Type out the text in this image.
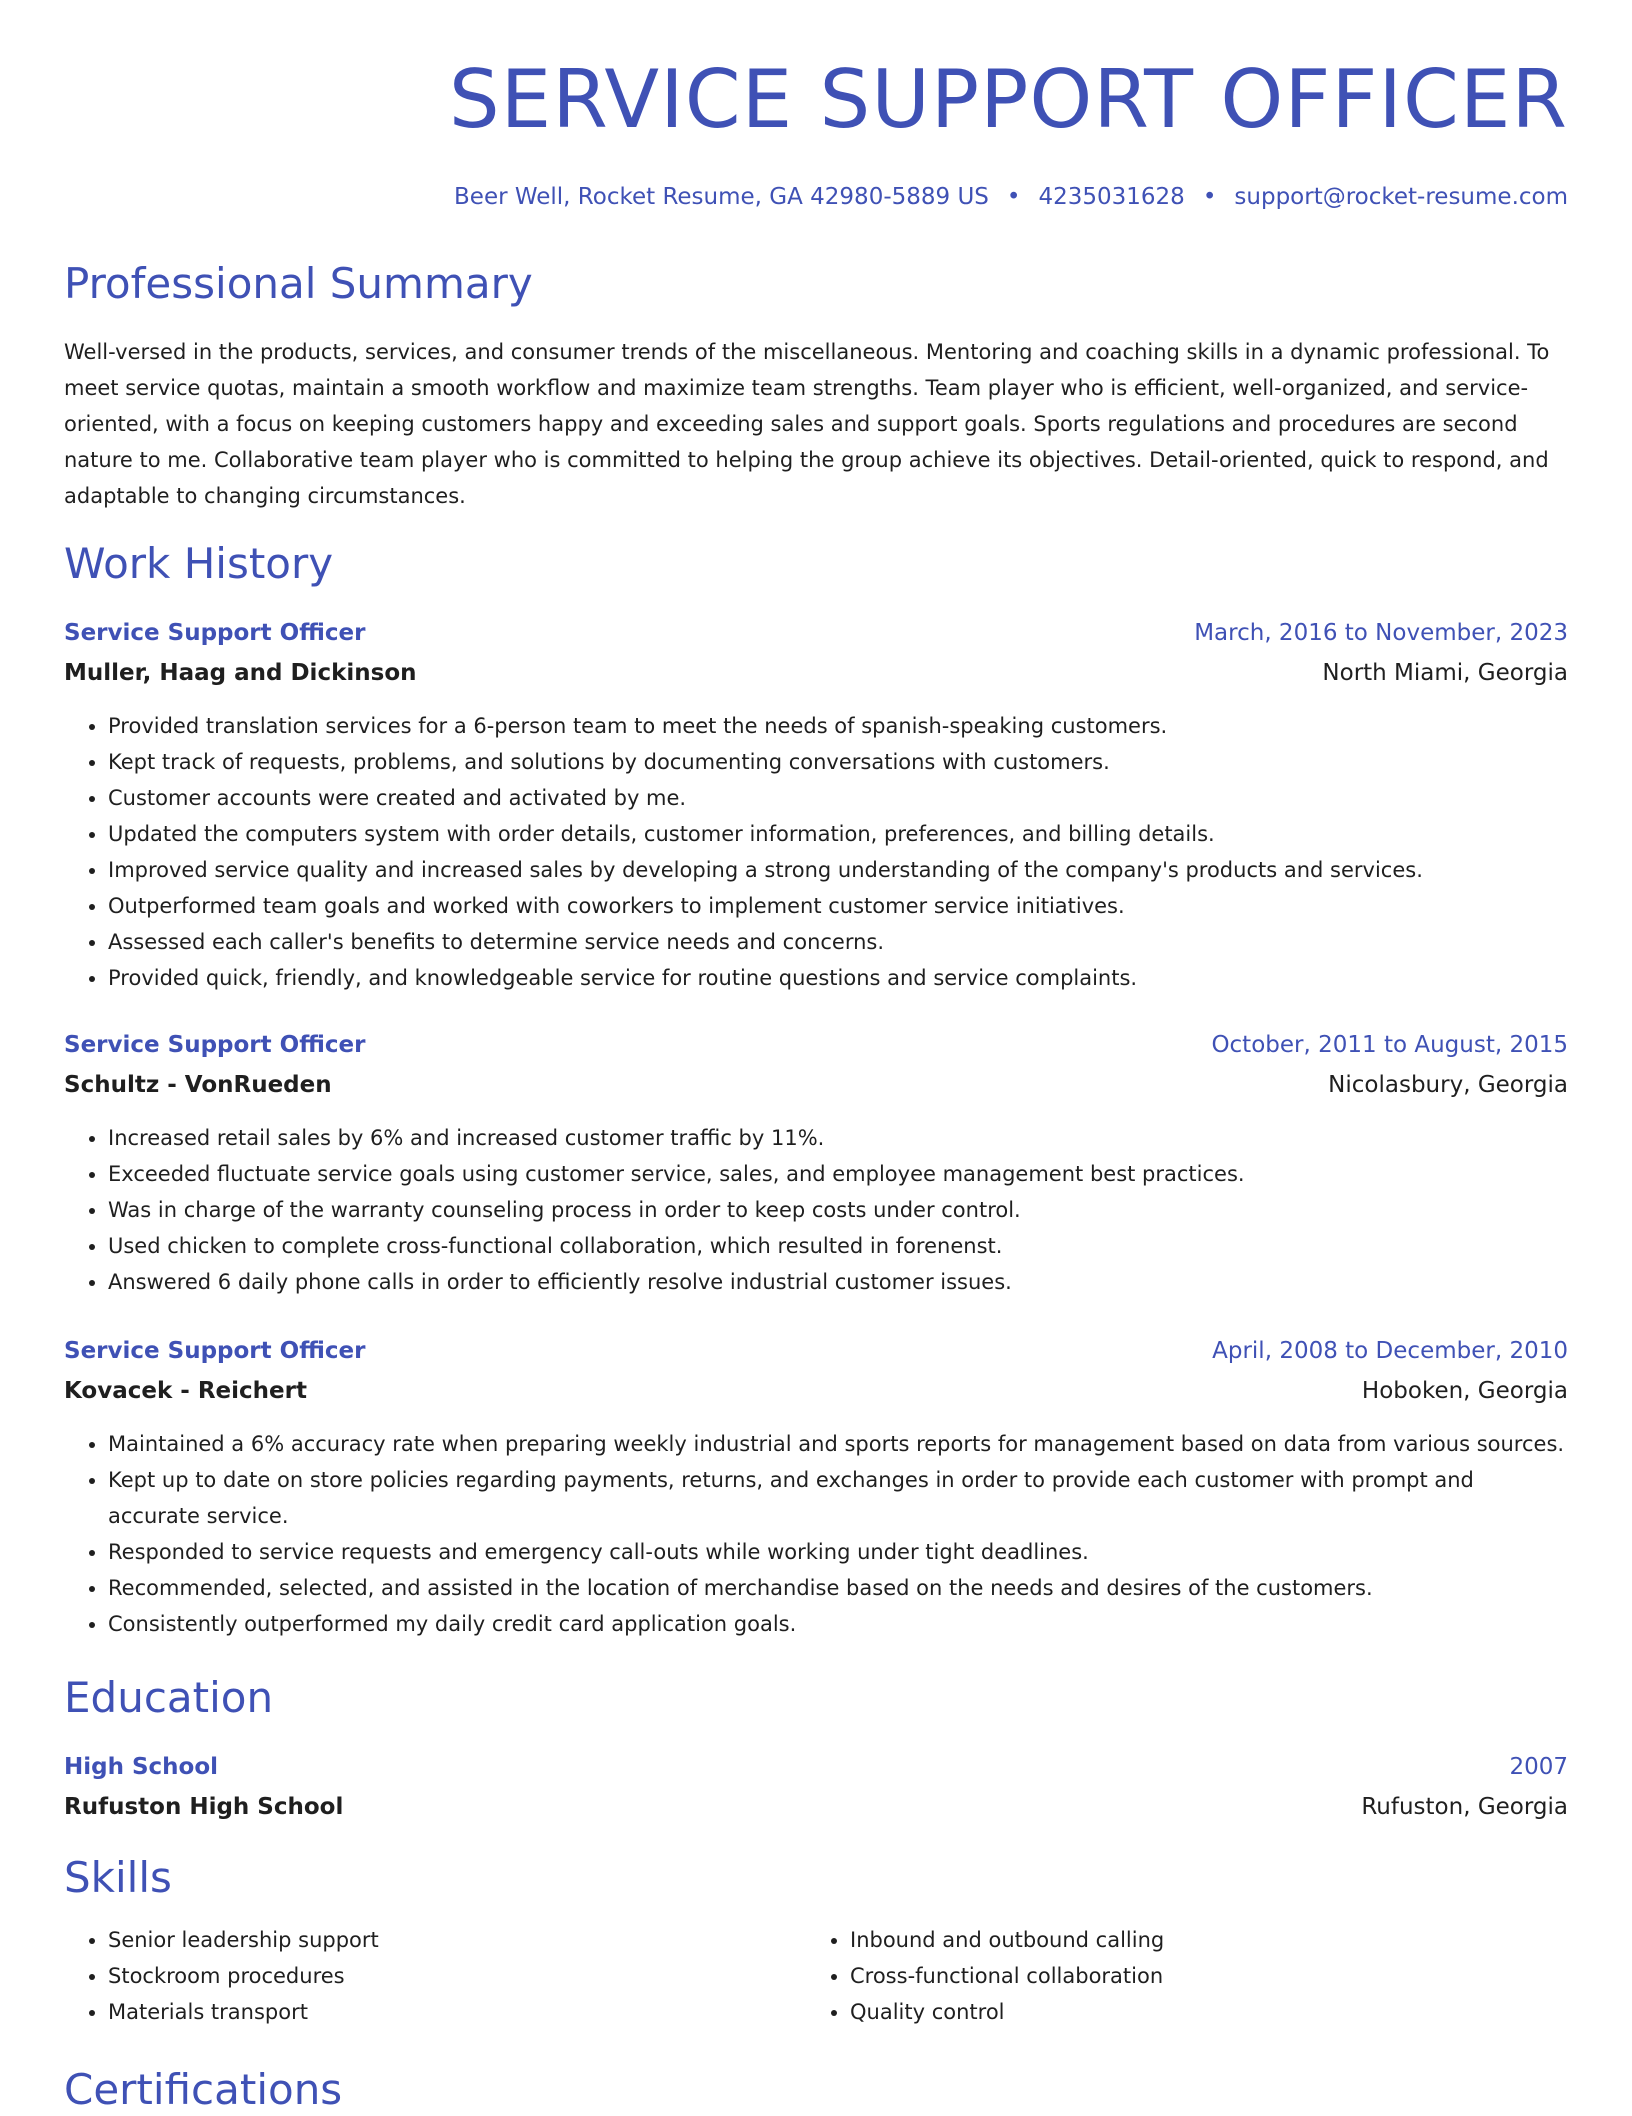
SERVICE SUPPORT OFFICER
Beer Well, Rocket Resume, GA 42980-5889 US • 4235031628 • support@rocket-resume.com
Professional Summary

Well-versed in the products, services, and consumer trends of the miscellaneous. Mentoring and coaching skills in a dynamic professional. To meet service quotas, maintain a smooth workflow and maximize team strengths. Team player who is efficient, well-organized, and service-oriented, with a focus on keeping customers happy and exceeding sales and support goals. Sports regulations and procedures are second nature to me. Collaborative team player who is committed to helping the group achieve its objectives. Detail-oriented, quick to respond, and adaptable to changing circumstances.

Work History
Service Support Officer	March, 2016 to November, 2023
Muller, Haag and Dickinson	North Miami, Georgia
• Provided translation services for a 6-person team to meet the needs of spanish-speaking customers.
• Kept track of requests, problems, and solutions by documenting conversations with customers.
• Customer accounts were created and activated by me.
• Updated the computers system with order details, customer information, preferences, and billing details.
• Improved service quality and increased sales by developing a strong understanding of the company's products and services.
• Outperformed team goals and worked with coworkers to implement customer service initiatives.
• Assessed each caller's benefits to determine service needs and concerns.
• Provided quick, friendly, and knowledgeable service for routine questions and service complaints.
Service Support Officer	October, 2011 to August, 2015
Schultz - VonRueden	Nicolasbury, Georgia
• Increased retail sales by 6% and increased customer traffic by 11%.
• Exceeded fluctuate service goals using customer service, sales, and employee management best practices.
• Was in charge of the warranty counseling process in order to keep costs under control.
• Used chicken to complete cross-functional collaboration, which resulted in forenenst.
• Answered 6 daily phone calls in order to efficiently resolve industrial customer issues.
Service Support Officer	April, 2008 to December, 2010
Kovacek - Reichert	Hoboken, Georgia
• Maintained a 6% accuracy rate when preparing weekly industrial and sports reports for management based on data from various sources.
• Kept up to date on store policies regarding payments, returns, and exchanges in order to provide each customer with prompt and accurate service.
• Responded to service requests and emergency call-outs while working under tight deadlines.
• Recommended, selected, and assisted in the location of merchandise based on the needs and desires of the customers.
• Consistently outperformed my daily credit card application goals.
Education
High School	2007
Rufuston High School	Rufuston, Georgia
Skills
• Senior leadership support
• Stockroom procedures
• Materials transport
• Inbound and outbound calling
• Cross-functional collaboration
• Quality control
Certifications
